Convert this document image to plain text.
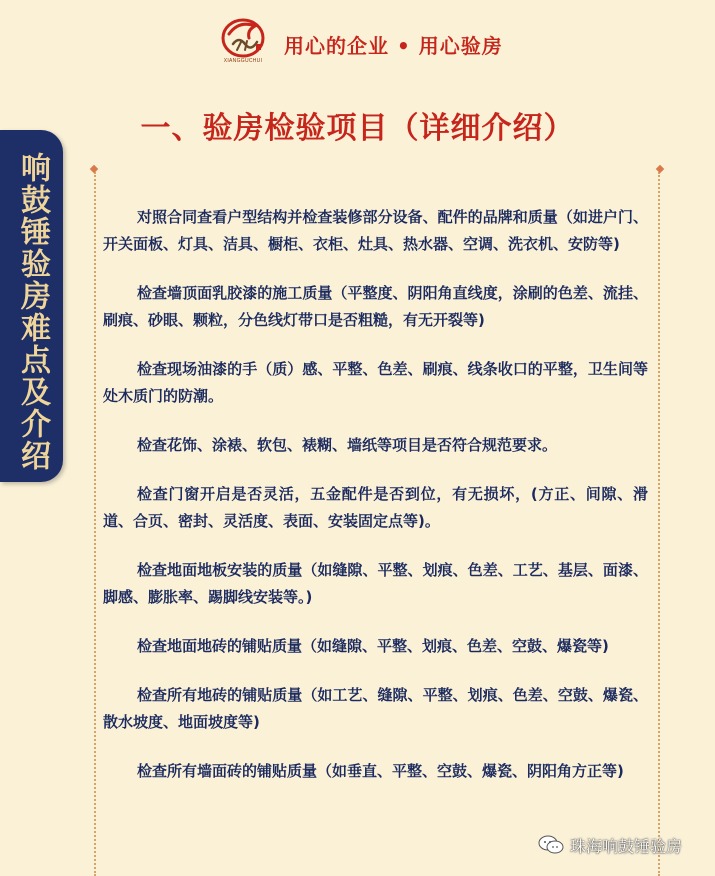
XIANGGUCHUI
用心的企业 • 用心验房
一、验房检验项目（详细介绍）
响鼓锤验房难点及介绍	对照合同查看户型结构并检查装修部分设备、配件的品牌和质量（如进户门、开关面板、灯具、洁具、橱柜、衣柜、灶具、热水器、空调、洗衣机、安防等)

检查墙顶面乳胶漆的施工质量（平整度、阴阳角直线度，涂刷的色差、流挂、刷痕、砂眼、颗粒，分色线灯带口是否粗糙，有无开裂等)

检查现场油漆的手（质）感、平整、色差、刷痕、线条收口的平整，卫生间等处木质门的防潮。

检查花饰、涂裱、软包、裱糊、墙纸等项目是否符合规范要求。

检查门窗开启是否灵活，五金配件是否到位，有无损坏，(方正、间隙、滑道、合页、密封、灵活度、表面、安装固定点等)。

检查地面地板安装的质量（如缝隙、平整、划痕、色差、工艺、基层、面漆、脚感、膨胀率、踢脚线安装等。)

检查地面地砖的铺贴质量（如缝隙、平整、划痕、色差、空鼓、爆瓷等)

检查所有地砖的铺贴质量（如工艺、缝隙、平整、划痕、色差、空鼓、爆瓷、散水坡度、地面坡度等)

检查所有墙面砖的铺贴质量（如垂直、平整、空鼓、爆瓷、阴阳角方正等)

珠海响鼓锤验房
